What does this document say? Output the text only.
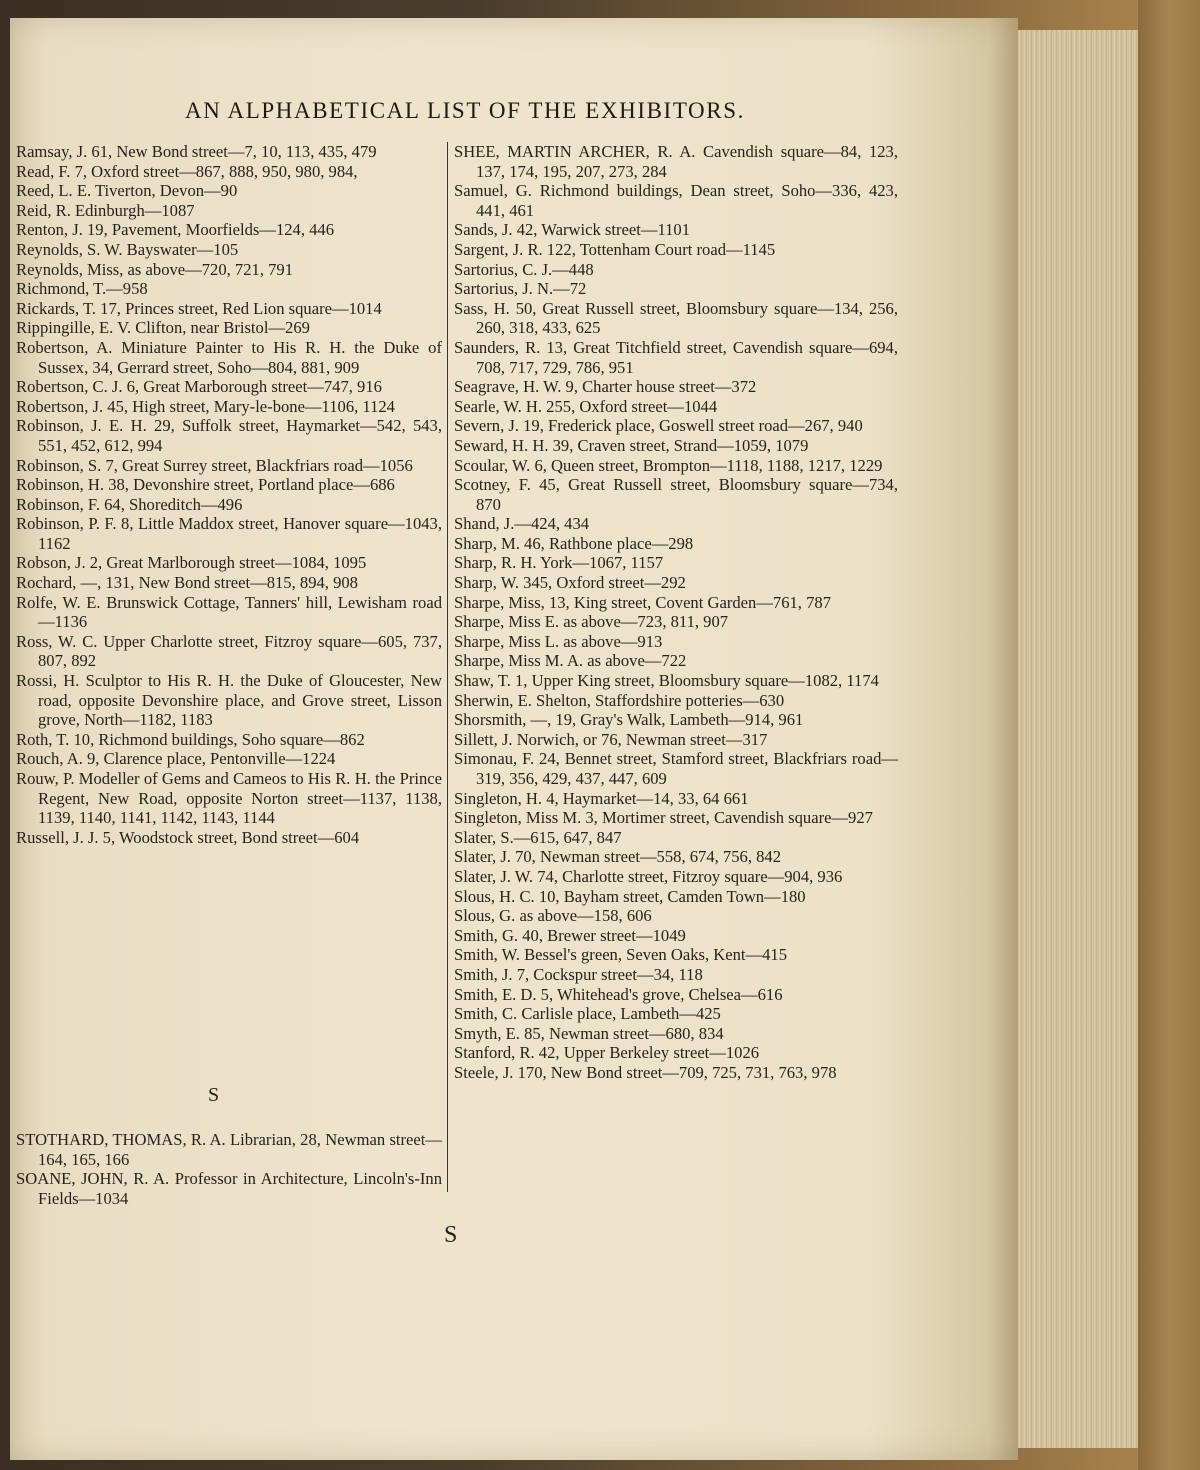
AN ALPHABETICAL LIST OF THE EXHIBITORS.

Ramsay, J. 61, New Bond street—7, 10, 113, 435, 479

Read, F. 7, Oxford street—867, 888, 950, 980, 984,

Reed, L. E. Tiverton, Devon—90

Reid, R. Edinburgh—1087

Renton, J. 19, Pavement, Moorfields—124, 446

Reynolds, S. W. Bayswater—105

Reynolds, Miss, as above—720, 721, 791

Richmond, T.—958

Rickards, T. 17, Princes street, Red Lion square—1014

Rippingille, E. V. Clifton, near Bristol—269

Robertson, A. Miniature Painter to His R. H. the Duke of Sussex, 34, Gerrard street, Soho—804, 881, 909

Robertson, C. J. 6, Great Marborough street—747, 916

Robertson, J. 45, High street, Mary-le-bone—1106, 1124

Robinson, J. E. H. 29, Suffolk street, Haymarket—542, 543, 551, 452, 612, 994

Robinson, S. 7, Great Surrey street, Blackfriars road—1056

Robinson, H. 38, Devonshire street, Portland place—686

Robinson, F. 64, Shoreditch—496

Robinson, P. F. 8, Little Maddox street, Hanover square—1043, 1162

Robson, J. 2, Great Marlborough street—1084, 1095

Rochard, —, 131, New Bond street—815, 894, 908

Rolfe, W. E. Brunswick Cottage, Tanners' hill, Lewisham road—1136

Ross, W. C. Upper Charlotte street, Fitzroy square—605, 737, 807, 892

Rossi, H. Sculptor to His R. H. the Duke of Gloucester, New road, opposite Devonshire place, and Grove street, Lisson grove, North—1182, 1183

Roth, T. 10, Richmond buildings, Soho square—862

Rouch, A. 9, Clarence place, Pentonville—1224

Rouw, P. Modeller of Gems and Cameos to His R. H. the Prince Regent, New Road, opposite Norton street—1137, 1138, 1139, 1140, 1141, 1142, 1143, 1144

Russell, J. J. 5, Woodstock street, Bond street—604

S

STOTHARD, THOMAS, R. A. Librarian, 28, Newman street—164, 165, 166

SOANE, JOHN, R. A. Professor in Architecture, Lincoln's-Inn Fields—1034

SHEE, MARTIN ARCHER, R. A. Cavendish square—84, 123, 137, 174, 195, 207, 273, 284

Samuel, G. Richmond buildings, Dean street, Soho—336, 423, 441, 461

Sands, J. 42, Warwick street—1101

Sargent, J. R. 122, Tottenham Court road—1145

Sartorius, C. J.—448

Sartorius, J. N.—72

Sass, H. 50, Great Russell street, Bloomsbury square—134, 256, 260, 318, 433, 625

Saunders, R. 13, Great Titchfield street, Cavendish square—694, 708, 717, 729, 786, 951

Seagrave, H. W. 9, Charter house street—372

Searle, W. H. 255, Oxford street—1044

Severn, J. 19, Frederick place, Goswell street road—267, 940

Seward, H. H. 39, Craven street, Strand—1059, 1079

Scoular, W. 6, Queen street, Brompton—1118, 1188, 1217, 1229

Scotney, F. 45, Great Russell street, Bloomsbury square—734, 870

Shand, J.—424, 434

Sharp, M. 46, Rathbone place—298

Sharp, R. H. York—1067, 1157

Sharp, W. 345, Oxford street—292

Sharpe, Miss, 13, King street, Covent Garden—761, 787

Sharpe, Miss E. as above—723, 811, 907

Sharpe, Miss L. as above—913

Sharpe, Miss M. A. as above—722

Shaw, T. 1, Upper King street, Bloomsbury square—1082, 1174

Sherwin, E. Shelton, Staffordshire potteries—630

Shorsmith, —, 19, Gray's Walk, Lambeth—914, 961

Sillett, J. Norwich, or 76, Newman street—317

Simonau, F. 24, Bennet street, Stamford street, Blackfriars road—319, 356, 429, 437, 447, 609

Singleton, H. 4, Haymarket—14, 33, 64 661

Singleton, Miss M. 3, Mortimer street, Cavendish square—927

Slater, S.—615, 647, 847

Slater, J. 70, Newman street—558, 674, 756, 842

Slater, J. W. 74, Charlotte street, Fitzroy square—904, 936

Slous, H. C. 10, Bayham street, Camden Town—180

Slous, G. as above—158, 606

Smith, G. 40, Brewer street—1049

Smith, W. Bessel's green, Seven Oaks, Kent—415

Smith, J. 7, Cockspur street—34, 118

Smith, E. D. 5, Whitehead's grove, Chelsea—616

Smith, C. Carlisle place, Lambeth—425

Smyth, E. 85, Newman street—680, 834

Stanford, R. 42, Upper Berkeley street—1026

Steele, J. 170, New Bond street—709, 725, 731, 763, 978

S
